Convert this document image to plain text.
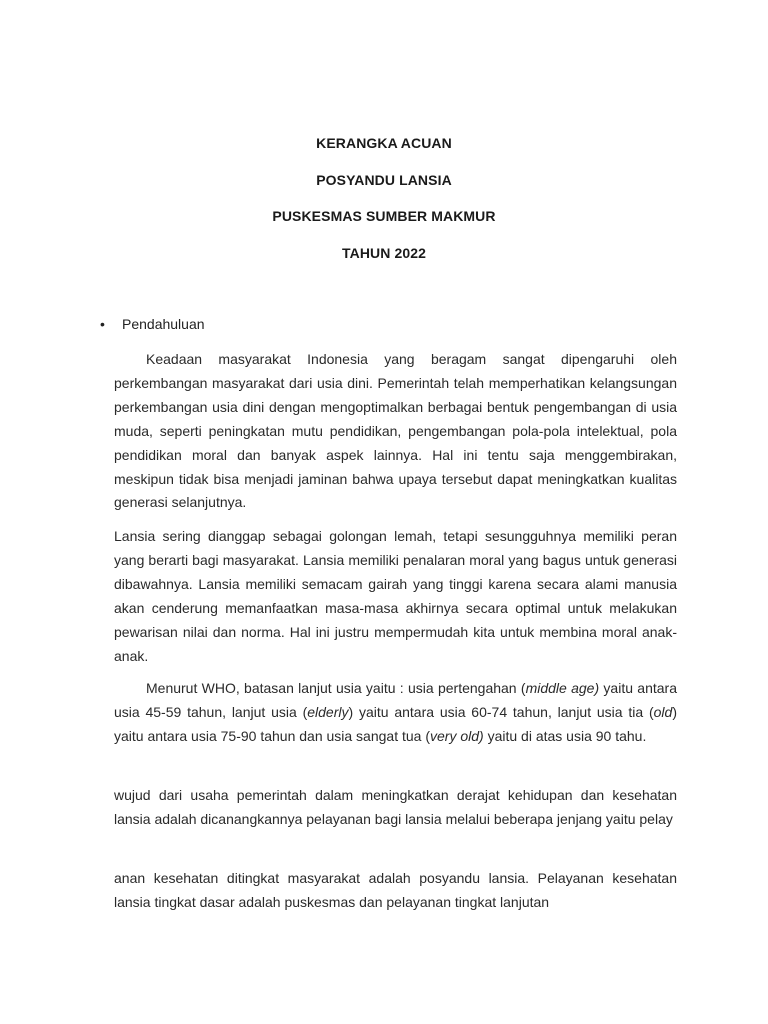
KERANGKA ACUAN
POSYANDU LANSIA
PUSKESMAS SUMBER MAKMUR
TAHUN 2022
• Pendahuluan

Keadaan masyarakat Indonesia yang beragam sangat dipengaruhi oleh perkembangan masyarakat dari usia dini. Pemerintah telah memperhatikan kelangsungan perkembangan usia dini dengan mengoptimalkan berbagai bentuk pengembangan di usia muda, seperti peningkatan mutu pendidikan, pengembangan pola-pola intelektual, pola pendidikan moral dan banyak aspek lainnya. Hal ini tentu saja menggembirakan, meskipun tidak bisa menjadi jaminan bahwa upaya tersebut dapat meningkatkan kualitas generasi selanjutnya.

Lansia sering dianggap sebagai golongan lemah, tetapi sesungguhnya memiliki peran yang berarti bagi masyarakat. Lansia memiliki penalaran moral yang bagus untuk generasi dibawahnya. Lansia memiliki semacam gairah yang tinggi karena secara alami manusia akan cenderung memanfaatkan masa-masa akhirnya secara optimal untuk melakukan pewarisan nilai dan norma. Hal ini justru mempermudah kita untuk membina moral anak-anak.

Menurut WHO, batasan lanjut usia yaitu : usia pertengahan (middle age) yaitu antara usia 45-59 tahun, lanjut usia (elderly) yaitu antara usia 60-74 tahun, lanjut usia tia (old) yaitu antara usia 75-90 tahun dan usia sangat tua (very old) yaitu di atas usia 90 tahu.

wujud dari usaha pemerintah dalam meningkatkan derajat kehidupan dan kesehatan lansia adalah dicanangkannya pelayanan bagi lansia melalui beberapa jenjang yaitu pelay

anan kesehatan ditingkat masyarakat adalah posyandu lansia. Pelayanan kesehatan lansia tingkat dasar adalah puskesmas dan pelayanan tingkat lanjutan
